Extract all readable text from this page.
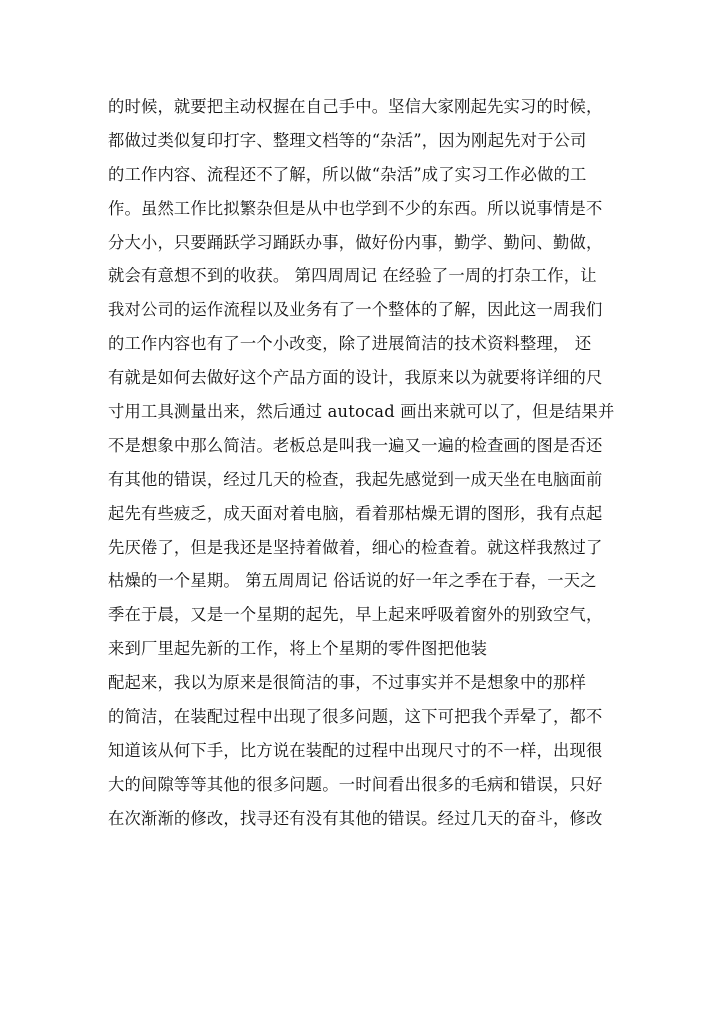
的时候，就要把主动权握在自己手中。坚信大家刚起先实习的时候，
都做过类似复印打字、整理文档等的“杂活”，因为刚起先对于公司
的工作内容、流程还不了解，所以做“杂活”成了实习工作必做的工
作。虽然工作比拟繁杂但是从中也学到不少的东西。所以说事情是不
分大小，只要踊跃学习踊跃办事，做好份内事，勤学、勤问、勤做，
就会有意想不到的收获。 第四周周记 在经验了一周的打杂工作，让
我对公司的运作流程以及业务有了一个整体的了解，因此这一周我们
的工作内容也有了一个小改变，除了进展简洁的技术资料整理， 还
有就是如何去做好这个产品方面的设计，我原来以为就要将详细的尺
寸用工具测量出来，然后通过 autocad 画出来就可以了，但是结果并
不是想象中那么简洁。老板总是叫我一遍又一遍的检查画的图是否还
有其他的错误，经过几天的检查，我起先感觉到一成天坐在电脑面前
起先有些疲乏，成天面对着电脑，看着那枯燥无谓的图形，我有点起
先厌倦了，但是我还是坚持着做着，细心的检查着。就这样我熬过了
枯燥的一个星期。 第五周周记 俗话说的好一年之季在于春，一天之
季在于晨，又是一个星期的起先，早上起来呼吸着窗外的别致空气，
来到厂里起先新的工作，将上个星期的零件图把他装
配起来，我以为原来是很简洁的事，不过事实并不是想象中的那样
的简洁，在装配过程中出现了很多问题，这下可把我个弄晕了，都不
知道该从何下手，比方说在装配的过程中出现尺寸的不一样，出现很
大的间隙等等其他的很多问题。一时间看出很多的毛病和错误，只好
在次渐渐的修改，找寻还有没有其他的错误。经过几天的奋斗，修改
